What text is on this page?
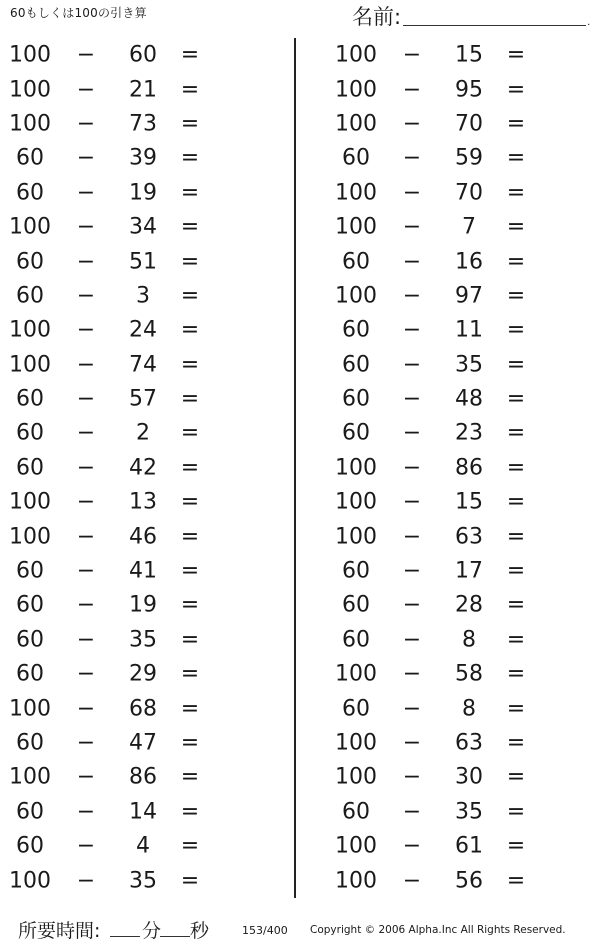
60もしくは100の引き算	名前:	.
100 − 60 =
100 − 21 =
100 − 73 =
60 − 39 =
60 − 19 =
100 − 34 =
60 − 51 =
60 − 3 =
100 − 24 =
100 − 74 =
60 − 57 =
60 − 2 =
60 − 42 =
100 − 13 =
100 − 46 =
60 − 41 =
60 − 19 =
60 − 35 =
60 − 29 =
100 − 68 =
60 − 47 =
100 − 86 =
60 − 14 =
60 − 4 =
100 − 35 =
100 − 15 =
100 − 95 =
100 − 70 =
60 − 59 =
100 − 70 =
100 − 7 =
60 − 16 =
100 − 97 =
60 − 11 =
60 − 35 =
60 − 48 =
60 − 23 =
100 − 86 =
100 − 15 =
100 − 63 =
60 − 17 =
60 − 28 =
60 − 8 =
100 − 58 =
60 − 8 =
100 − 63 =
100 − 30 =
60 − 35 =
100 − 61 =
100 − 56 =
所要時間: 分 秒	153/400 Copyright © 2006 Alpha.Inc All Rights Reserved.
